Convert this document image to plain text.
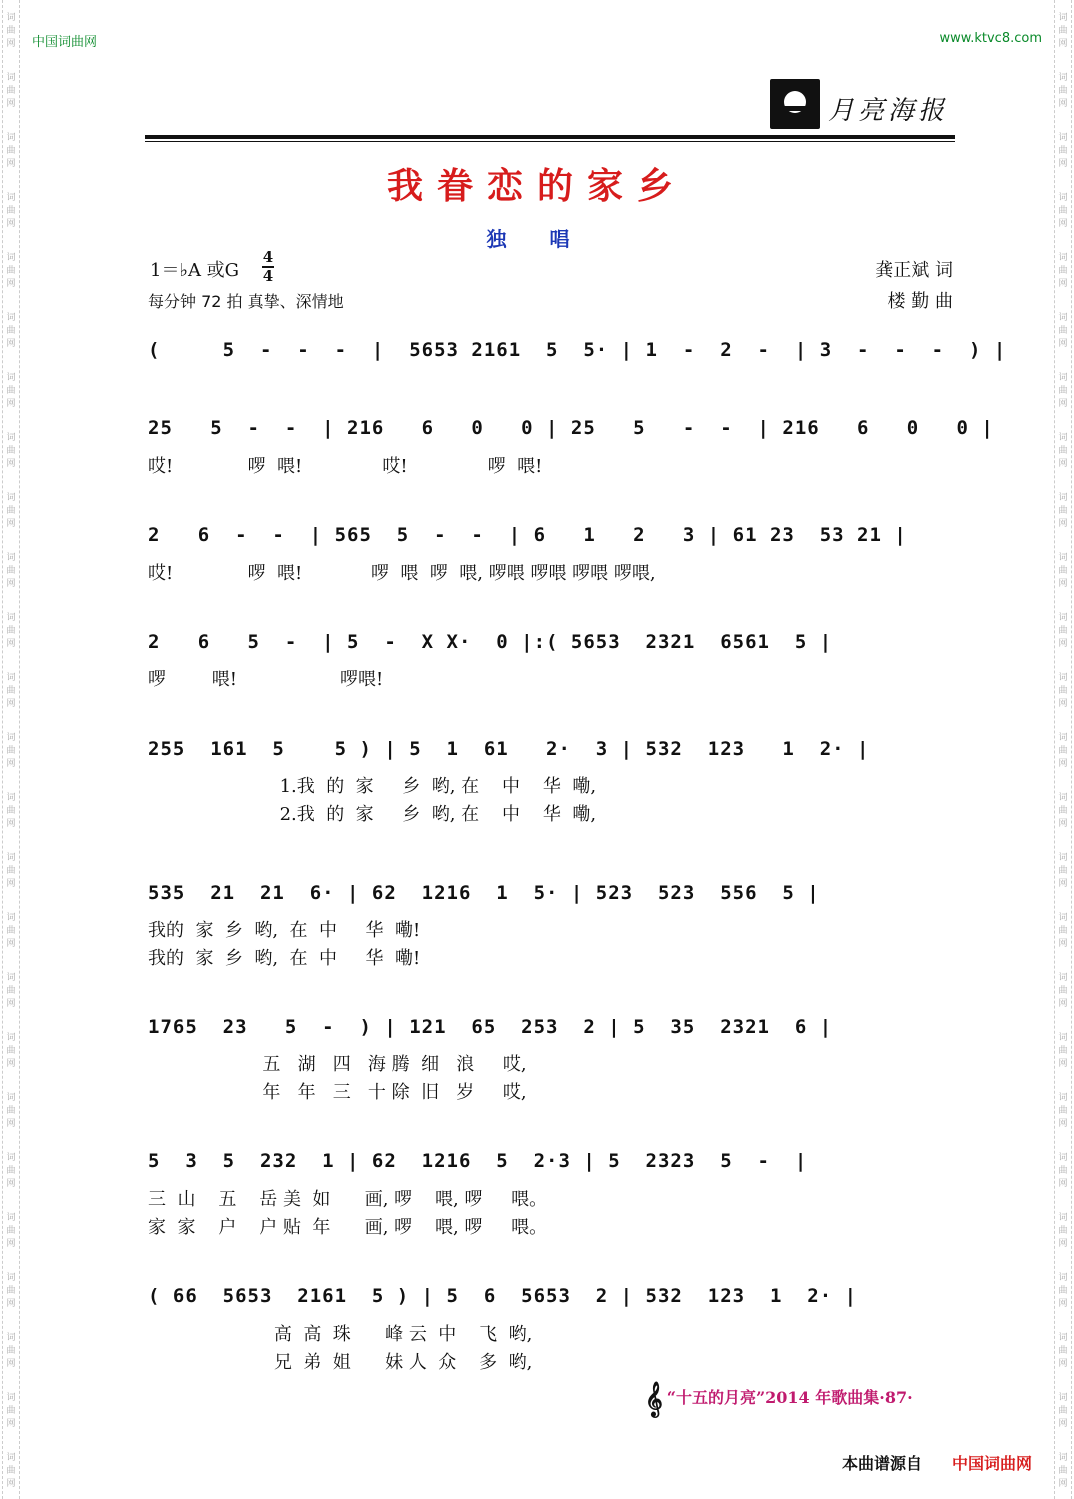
词
曲
网
词
曲
网
词
曲
网
词
曲
网
词
曲
网
词
曲
网
词
曲
网
词
曲
网
词
曲
网
词
曲
网
词
曲
网
词
曲
网
词
曲
网
词
曲
网
词
曲
网
词
曲
网
词
曲
网
词
曲
网
词
曲
网
词
曲
网
词
曲
网
词
曲
网
词
曲
网
词
曲
网
词
曲
网
词
曲
网
词
曲
网
词
曲
网
词
曲
网
词
曲
网
词
曲
网
词
曲
网
词
曲
网
词
曲
网
词
曲
网
词
曲
网
词
曲
网
词
曲
网
词
曲
网
词
曲
网
词
曲
网
词
曲
网
词
曲
网
词
曲
网
词
曲
网
词
曲
网
词
曲
网
词
曲
网
词
曲
网
词
曲
网
中国词曲网	www.ktvc8.com
月亮海报
我眷恋的家乡
独 唱
1＝♭A 或G
4
4
每分钟 72 拍 真挚、深情地
龚正斌 词
楼 勤 曲
(     5  -  -  -  |  5653 2161  5  5· | 1  -  2  -  | 3  -  -  -  ) |
25   5  -  -  | 216   6   0   0 | 25   5   -  -  | 216   6   0   0 |
哎!             啰  喂!              哎!              啰  喂!
2   6  -  -  | 565  5  -  -  | 6   1   2   3 | 61 23  53 21 |
哎!             啰  喂!            啰  喂  啰  喂, 啰喂 啰喂 啰喂 啰喂,
2   6   5  -  | 5  -  X X·  0 |:( 5653  2321  6561  5 |
啰        喂!                  啰喂!
255  161  5    5 ) | 5  1  61   2·  3 | 532  123   1  2· |
1.我  的  家     乡  哟, 在    中    华  嘞,
2.我  的  家     乡  哟, 在    中    华  嘞,
535  21  21  6· | 62  1216  1  5· | 523  523  556  5 |
我的  家  乡  哟,  在  中     华  嘞!
我的  家  乡  哟,  在  中     华  嘞!
1765  23   5  -  ) | 121  65  253  2 | 5  35  2321  6 |
五   湖   四   海 腾  细   浪     哎,
年   年   三   十 除  旧   岁     哎,
5  3  5  232  1 | 62  1216  5  2·3 | 5  2323  5  -  |
三  山    五    岳 美  如      画, 啰    喂, 啰     喂。
家  家    户    户 贴  年      画, 啰    喂, 啰     喂。
( 66  5653  2161  5 ) | 5  6  5653  2 | 532  123  1  2· |
高  高  珠      峰 云  中    飞  哟,
兄  弟  姐      妹 人  众    多  哟,
𝄞 “十五的月亮”2014 年歌曲集·87·
本曲谱源自 中国词曲网
